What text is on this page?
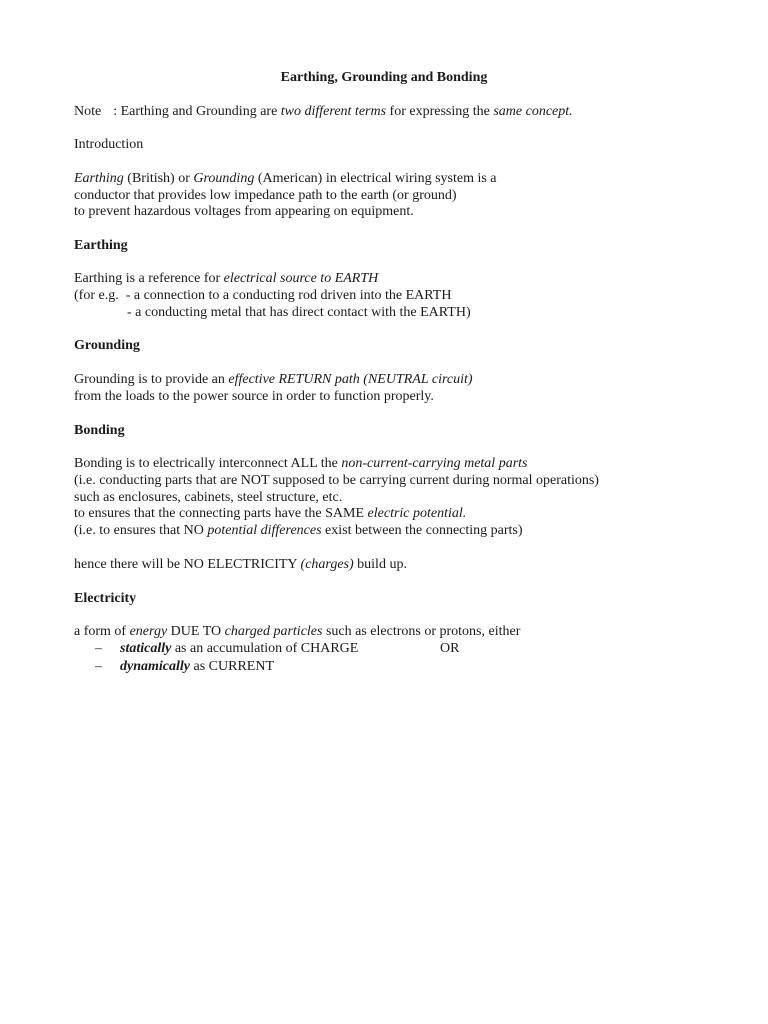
Earthing, Grounding and Bonding
Note : Earthing and Grounding are two different terms for expressing the same concept.
Introduction
Earthing (British) or Grounding (American) in electrical wiring system is a
conductor that provides low impedance path to the earth (or ground)
to prevent hazardous voltages from appearing on equipment.
Earthing
Earthing is a reference for electrical source to EARTH
(for e.g.  - a connection to a conducting rod driven into the EARTH
- a conducting metal that has direct contact with the EARTH)
Grounding
Grounding is to provide an effective RETURN path (NEUTRAL circuit)
from the loads to the power source in order to function properly.
Bonding
Bonding is to electrically interconnect ALL the non-current-carrying metal parts
(i.e. conducting parts that are NOT supposed to be carrying current during normal operations)
such as enclosures, cabinets, steel structure, etc.
to ensures that the connecting parts have the SAME electric potential.
(i.e. to ensures that NO potential differences exist between the connecting parts)
hence there will be NO ELECTRICITY (charges) build up.
Electricity
a form of energy DUE TO charged particles such as electrons or protons, either
– statically as an accumulation of CHARGE	OR
– dynamically as CURRENT
